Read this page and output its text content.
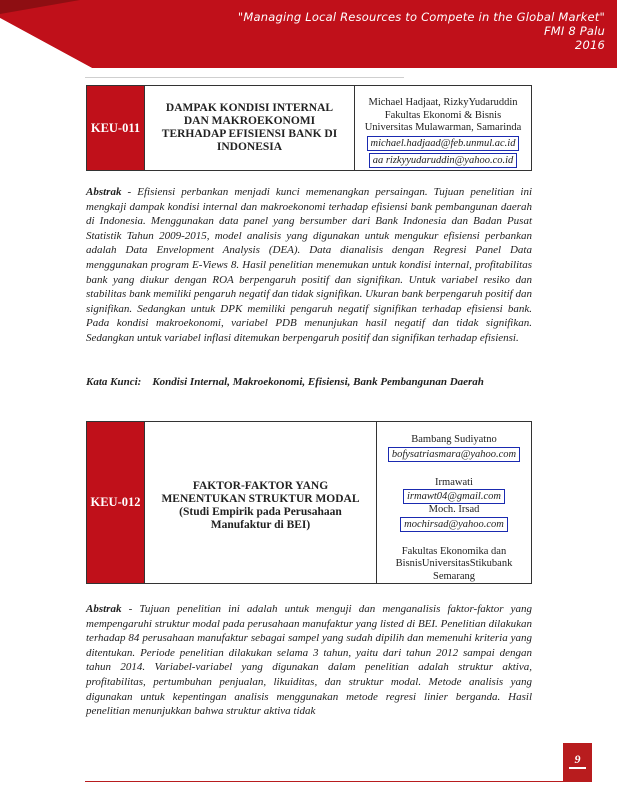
"Managing Local Resources to Compete in the Global Market"
FMI 8 Palu
2016
KEU-011
DAMPAK KONDISI INTERNAL
DAN MAKROEKONOMI
TERHADAP EFISIENSI BANK DI
INDONESIA
Michael Hadjaat, RizkyYudaruddin
Fakultas Ekonomi & Bisnis
Universitas Mulawarman, Samarinda
michael.hadjaad@feb.unmul.ac.id
aa rizkyyudaruddin@yahoo.co.id
Abstrak - Efisiensi perbankan menjadi kunci memenangkan persaingan. Tujuan penelitian ini mengkaji dampak kondisi internal dan makroekonomi terhadap efisiensi bank pembangunan daerah di Indonesia. Menggunakan data panel yang bersumber dari Bank Indonesia dan Badan Pusat Statistik Tahun 2009-2015, model analisis yang digunakan untuk mengukur efisiensi perbankan adalah Data Envelopment Analysis (DEA). Data dianalisis dengan Regresi Panel Data menggunakan program E-Views 8. Hasil penelitian menemukan untuk kondisi internal, profitabilitas bank yang diukur dengan ROA berpengaruh positif dan signifikan. Untuk variabel resiko dan stabilitas bank memiliki pengaruh negatif dan tidak signifikan. Ukuran bank berpengaruh positif dan signifikan. Sedangkan untuk DPK memiliki pengaruh negatif signifikan terhadap efisiensi bank. Pada kondisi makroekonomi, variabel PDB menunjukan hasil negatif dan tidak signifikan. Sedangkan untuk variabel inflasi ditemukan berpengaruh positif dan signifikan terhadap efisiensi.
Kata Kunci: Kondisi Internal, Makroekonomi, Efisiensi, Bank Pembangunan Daerah
KEU-012
FAKTOR-FAKTOR YANG
MENENTUKAN STRUKTUR MODAL
(Studi Empirik pada Perusahaan
Manufaktur di BEI)
Bambang Sudiyatno
bofysatriasmara@yahoo.com
Irmawati
irmawt04@gmail.com
Moch. Irsad
mochirsad@yahoo.com
Fakultas Ekonomika dan
BisnisUniversitasStikubank
Semarang
Abstrak - Tujuan penelitian ini adalah untuk menguji dan menganalisis faktor-faktor yang mempengaruhi struktur modal pada perusahaan manufaktur yang listed di BEI. Penelitian dilakukan terhadap 84 perusahaan manufaktur sebagai sampel yang sudah dipilih dan memenuhi kriteria yang ditentukan. Periode penelitian dilakukan selama 3 tahun, yaitu dari tahun 2012 sampai dengan tahun 2014. Variabel-variabel yang digunakan dalam penelitian adalah struktur aktiva, profitabilitas, pertumbuhan penjualan, likuiditas, dan struktur modal. Metode analisis yang digunakan untuk kepentingan analisis menggunakan metode regresi linier berganda. Hasil penelitian menunjukkan bahwa struktur aktiva tidak
9
